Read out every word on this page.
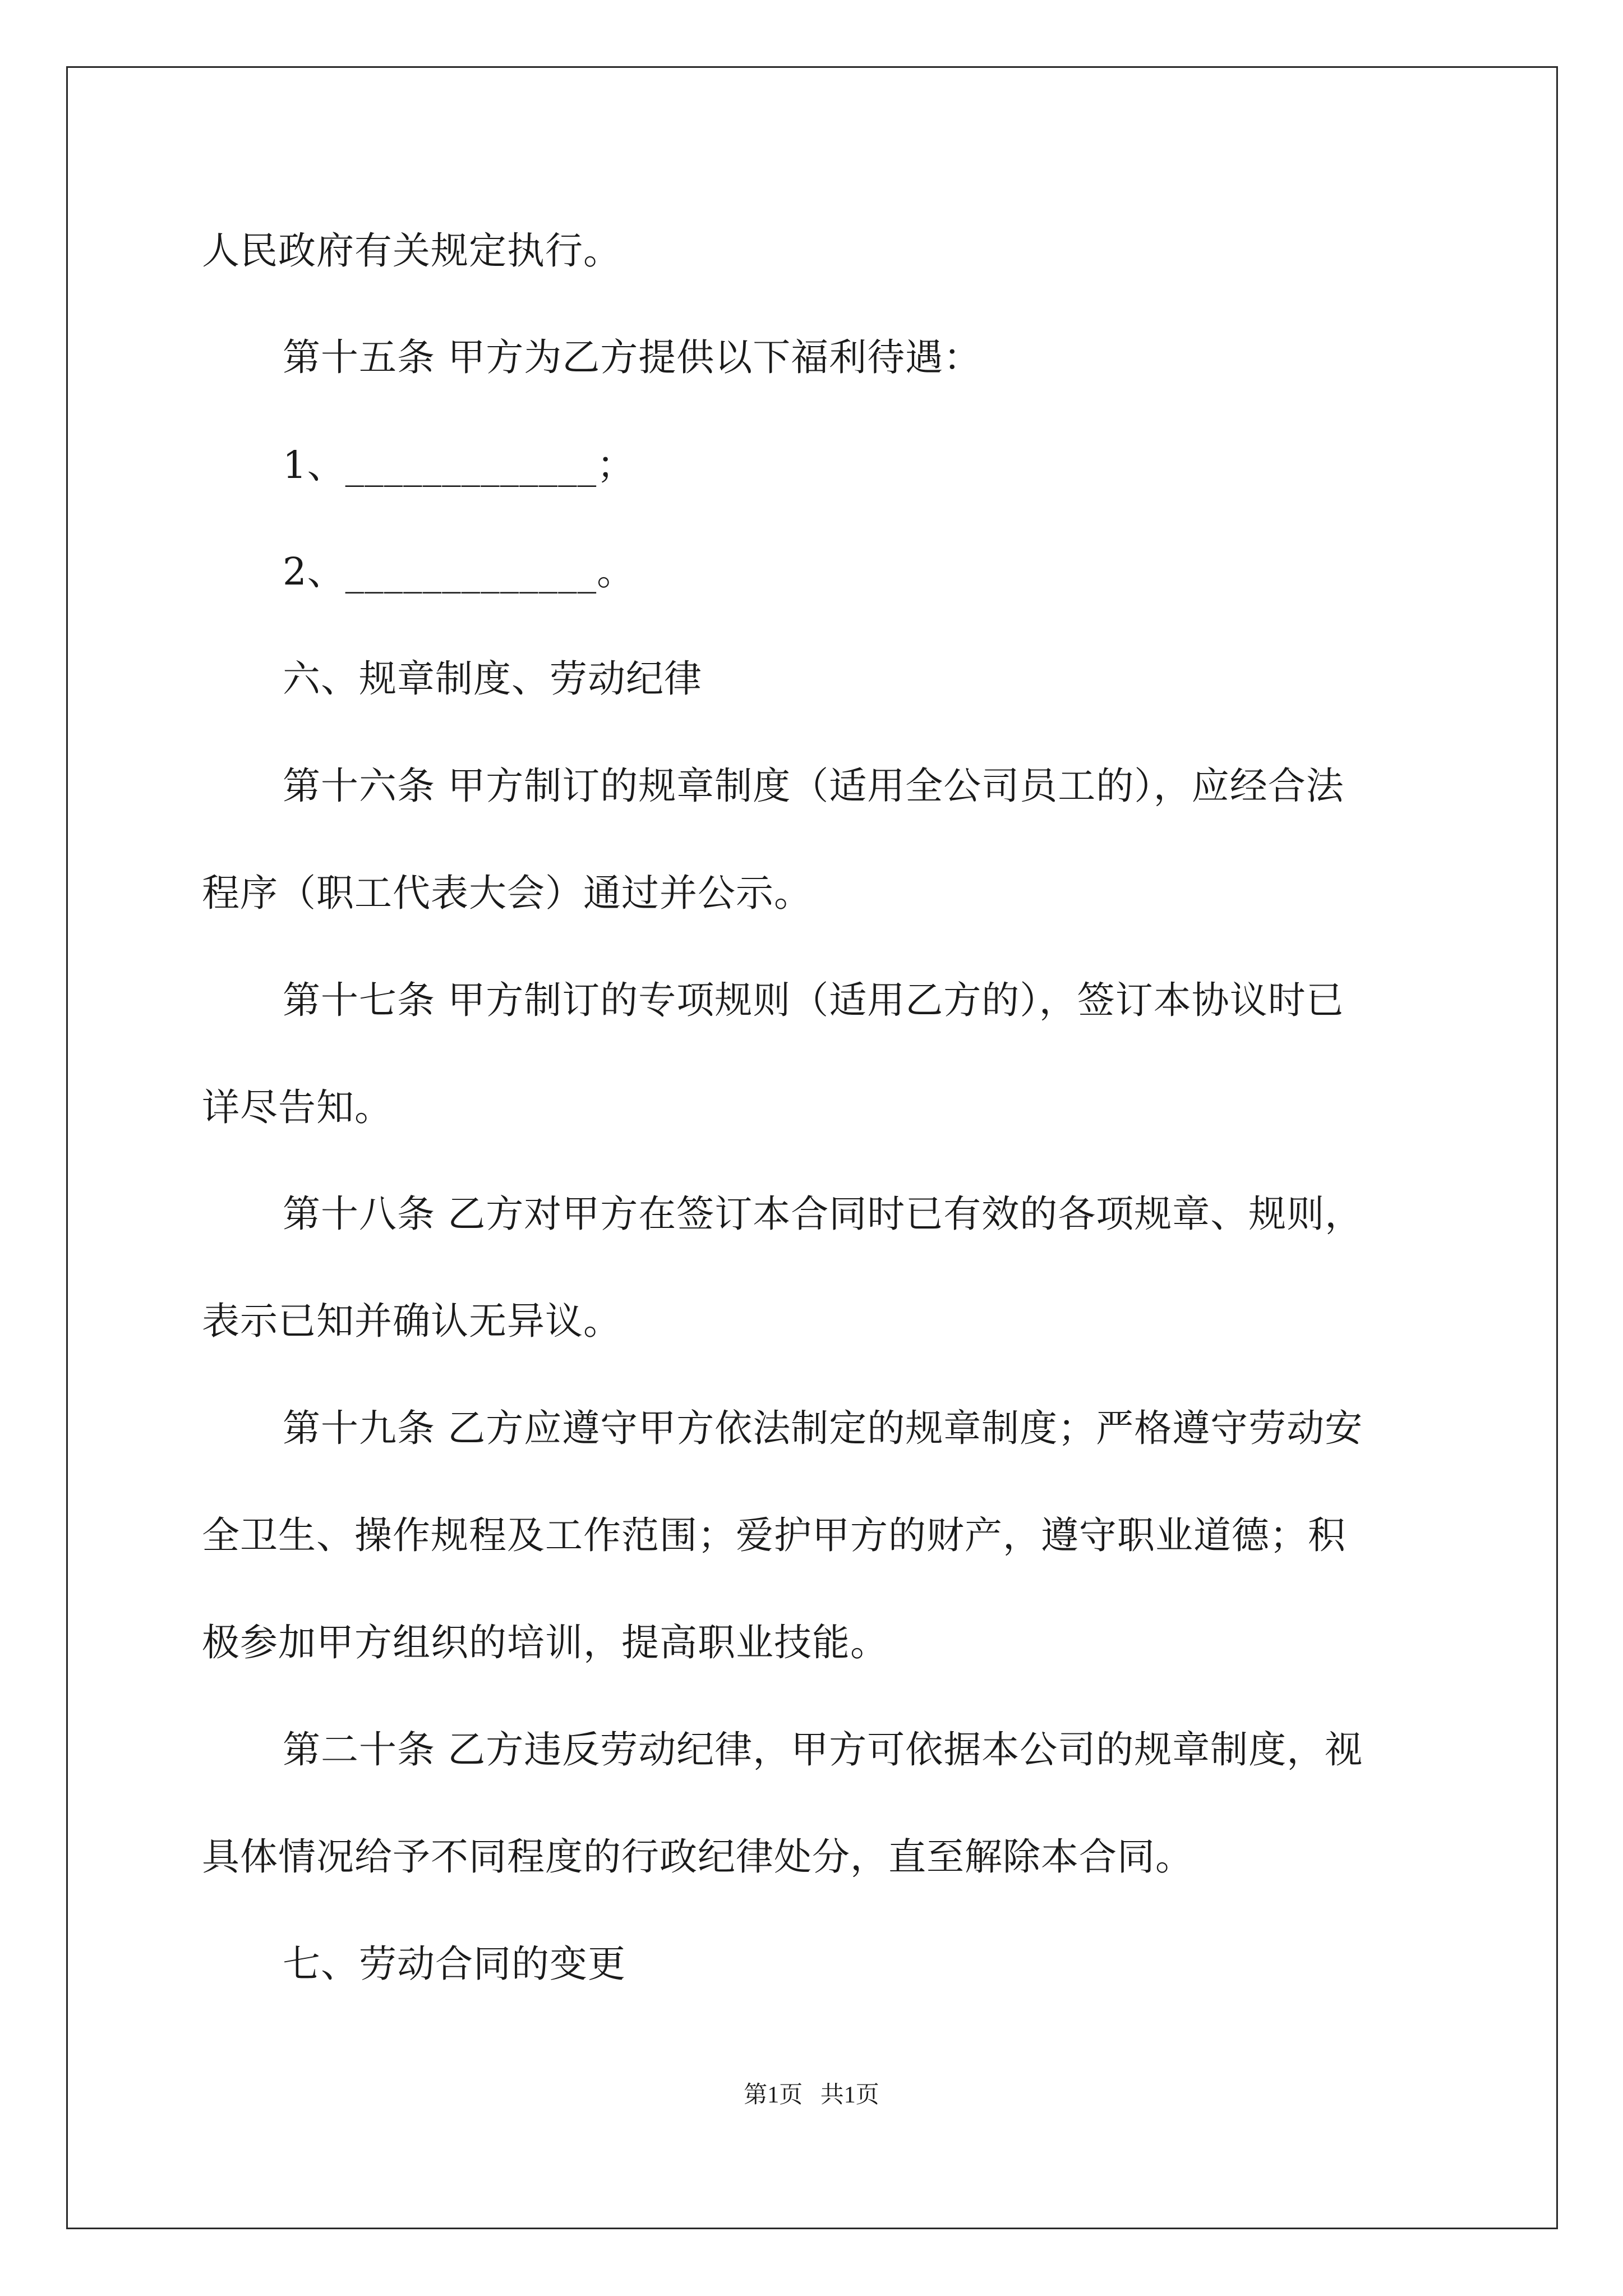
人民政府有关规定执行。
第十五条 甲方为乙方提供以下福利待遇：
1、_____________；
2、_____________。
六、规章制度、劳动纪律
第十六条 甲方制订的规章制度（适用全公司员工的），应经合法
程序（职工代表大会）通过并公示。
第十七条 甲方制订的专项规则（适用乙方的），签订本协议时已
详尽告知。
第十八条 乙方对甲方在签订本合同时已有效的各项规章、规则，
表示已知并确认无异议。
第十九条 乙方应遵守甲方依法制定的规章制度；严格遵守劳动安
全卫生、操作规程及工作范围；爱护甲方的财产，遵守职业道德；积
极参加甲方组织的培训，提高职业技能。
第二十条 乙方违反劳动纪律，甲方可依据本公司的规章制度，视
具体情况给予不同程度的行政纪律处分，直至解除本合同。
七、劳动合同的变更
第1页   共1页
